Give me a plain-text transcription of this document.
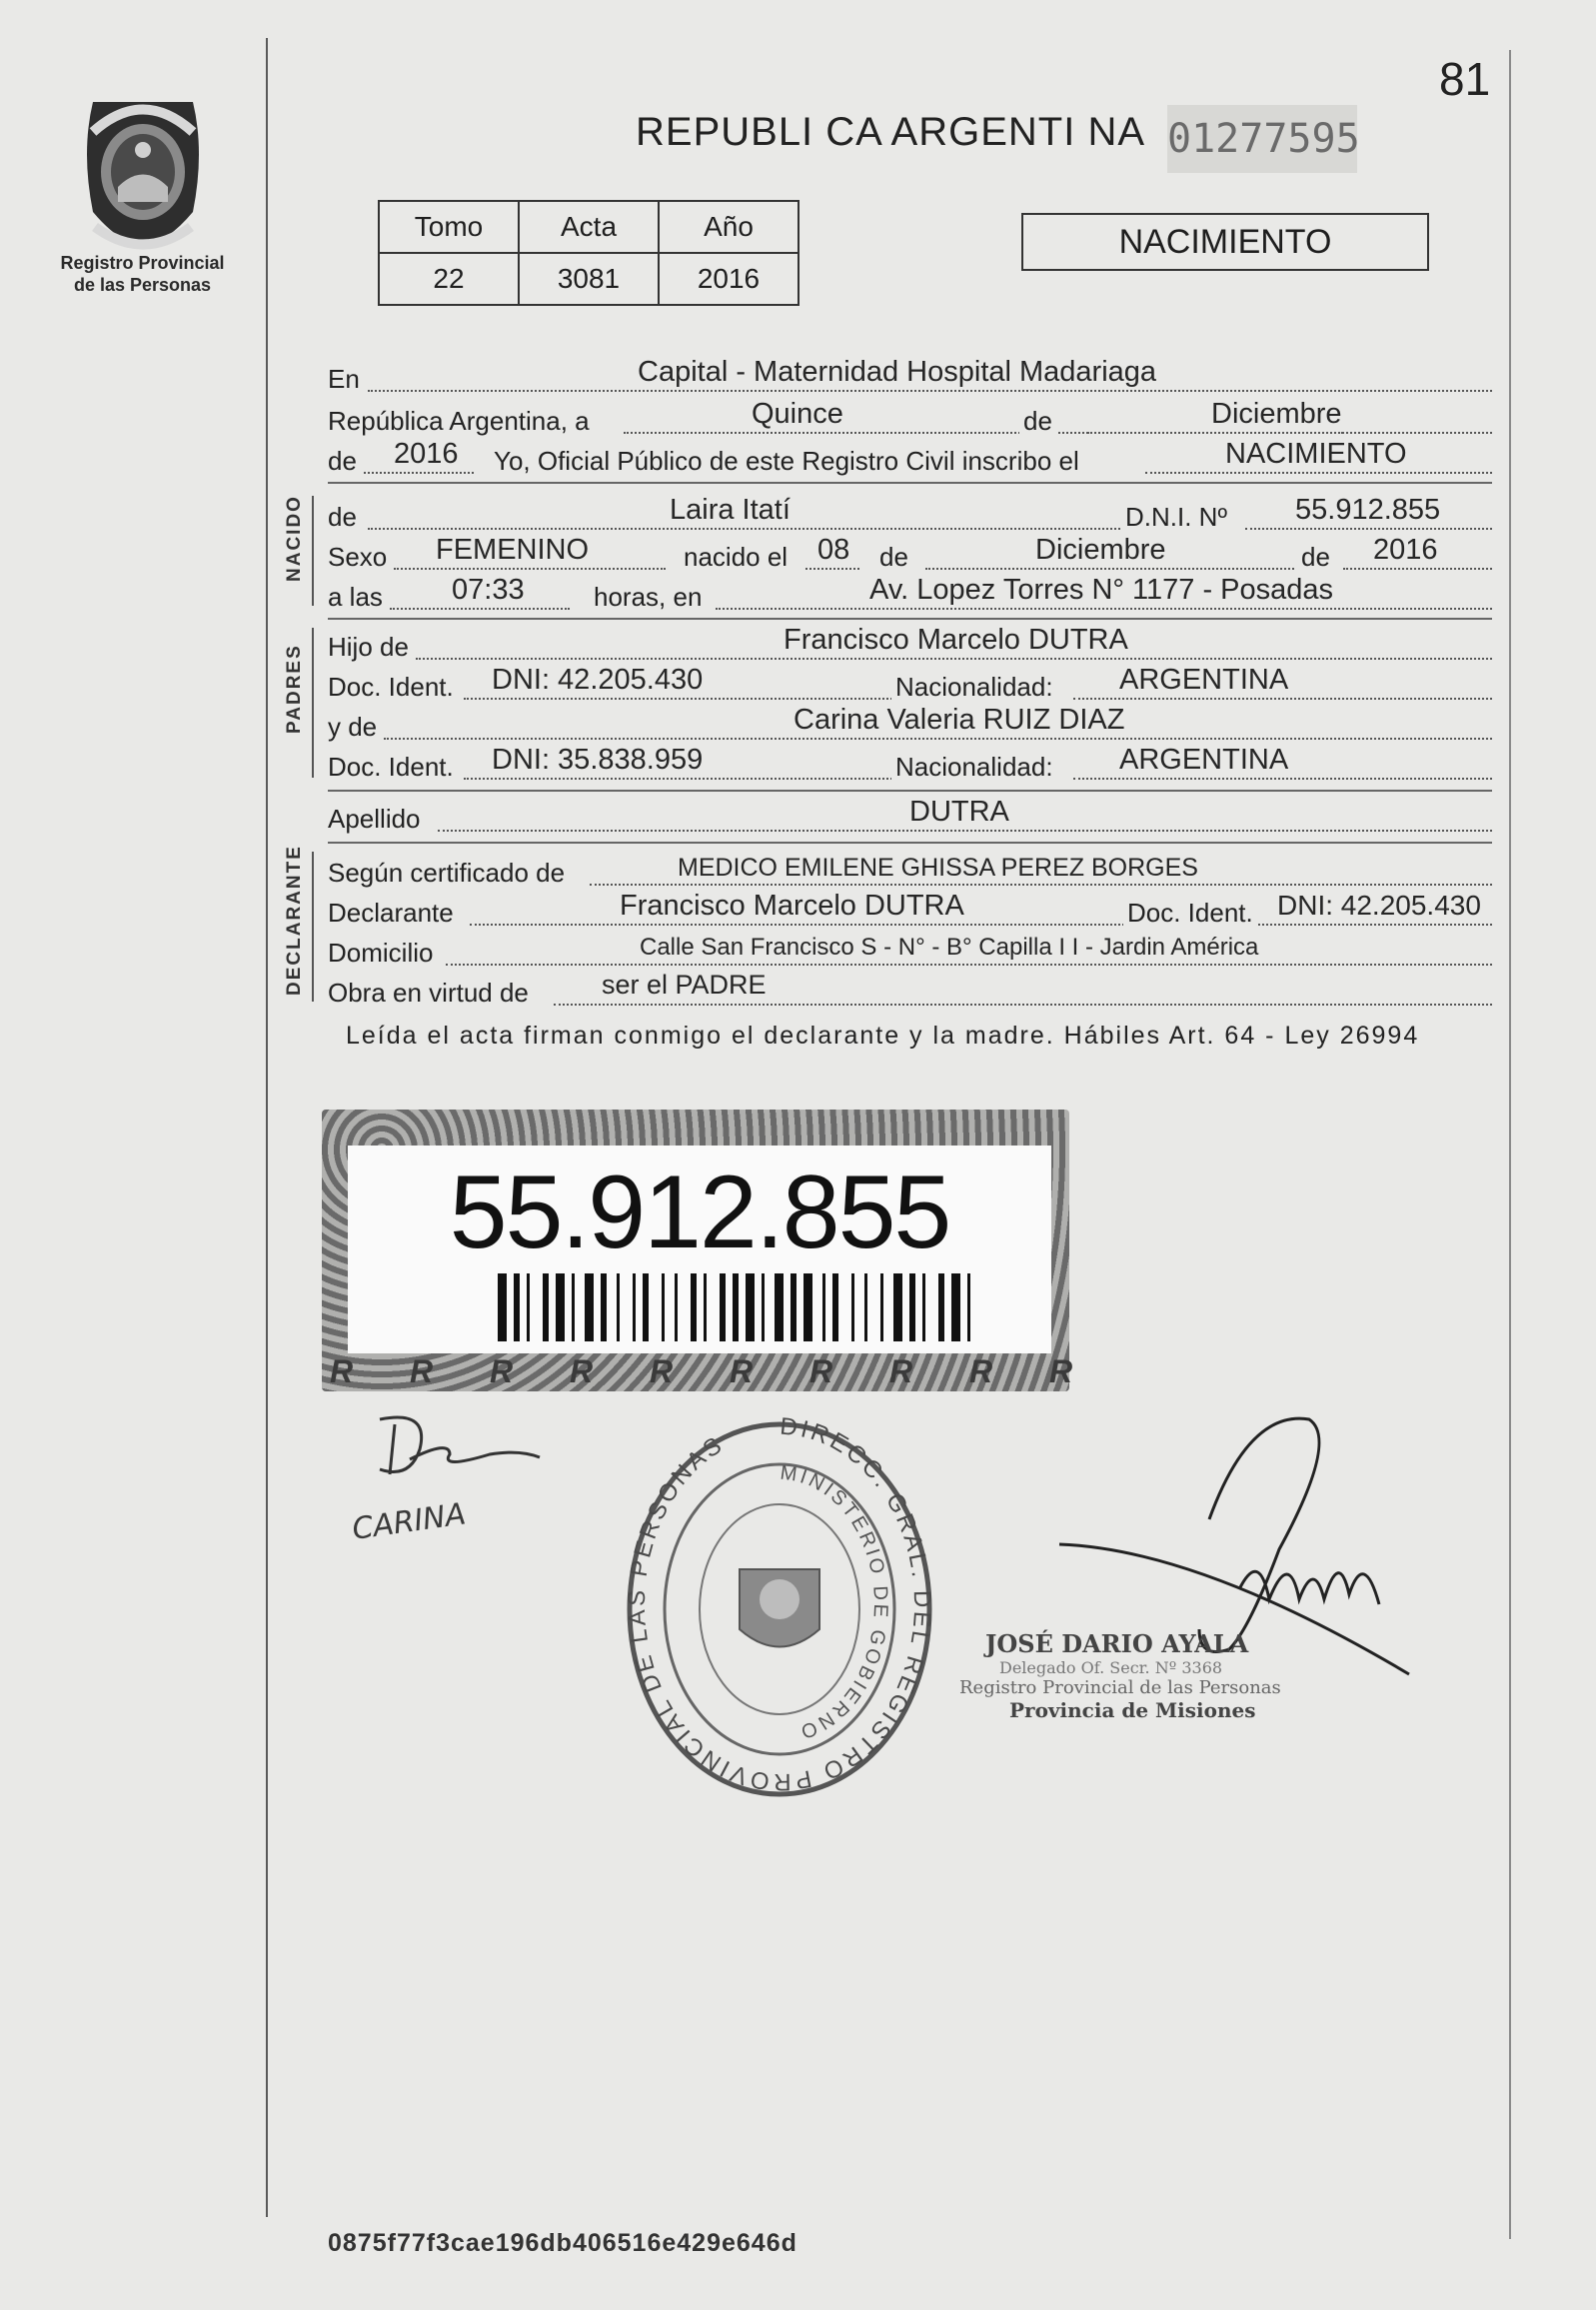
Registro Provincial
de las Personas
81
REPUBLI CA ARGENTI NA 01277595
Tomo	Acta	Año
22	3081	2016
NACIMIENTO
En	Capital - Maternidad Hospital Madariaga
República Argentina, a	Quince	de	Diciembre
de 2016 Yo, Oficial Público de este Registro Civil inscribo el	NACIMIENTO
NACIDO de	Laira Itatí	D.N.I. Nº 55.912.855
Sexo FEMENINO	nacido el 08 de	Diciembre	de 2016
a las 07:33	horas, en	Av. Lopez Torres N° 1177 - Posadas
PADRES Hijo de	Francisco Marcelo DUTRA
Doc. Ident. DNI: 42.205.430	Nacionalidad: ARGENTINA
y de	Carina Valeria RUIZ DIAZ
Doc. Ident. DNI: 35.838.959	Nacionalidad: ARGENTINA
Apellido	DUTRA
DECLARANTE Según certificado de	MEDICO EMILENE GHISSA PEREZ BORGES
Declarante	Francisco Marcelo DUTRA	Doc. Ident. DNI: 42.205.430
Domicilio	Calle San Francisco S - N° - B° Capilla I I - Jardin América
Obra en virtud de	ser el PADRE
Leída el acta firman conmigo el declarante y la madre. Hábiles Art. 64 - Ley 26994
55.912.855
R R R R R R R R R R
CARINA
DIRECC. GRAL. DEL REGISTRO PROVINCIAL DE LAS PERSONAS
MINISTERIO DE GOBIERNO
JOSÉ DARIO AYALA
Delegado Of. Secr. Nº 3368
Registro Provincial de las Personas
Provincia de Misiones
0875f77f3cae196db406516e429e646d
